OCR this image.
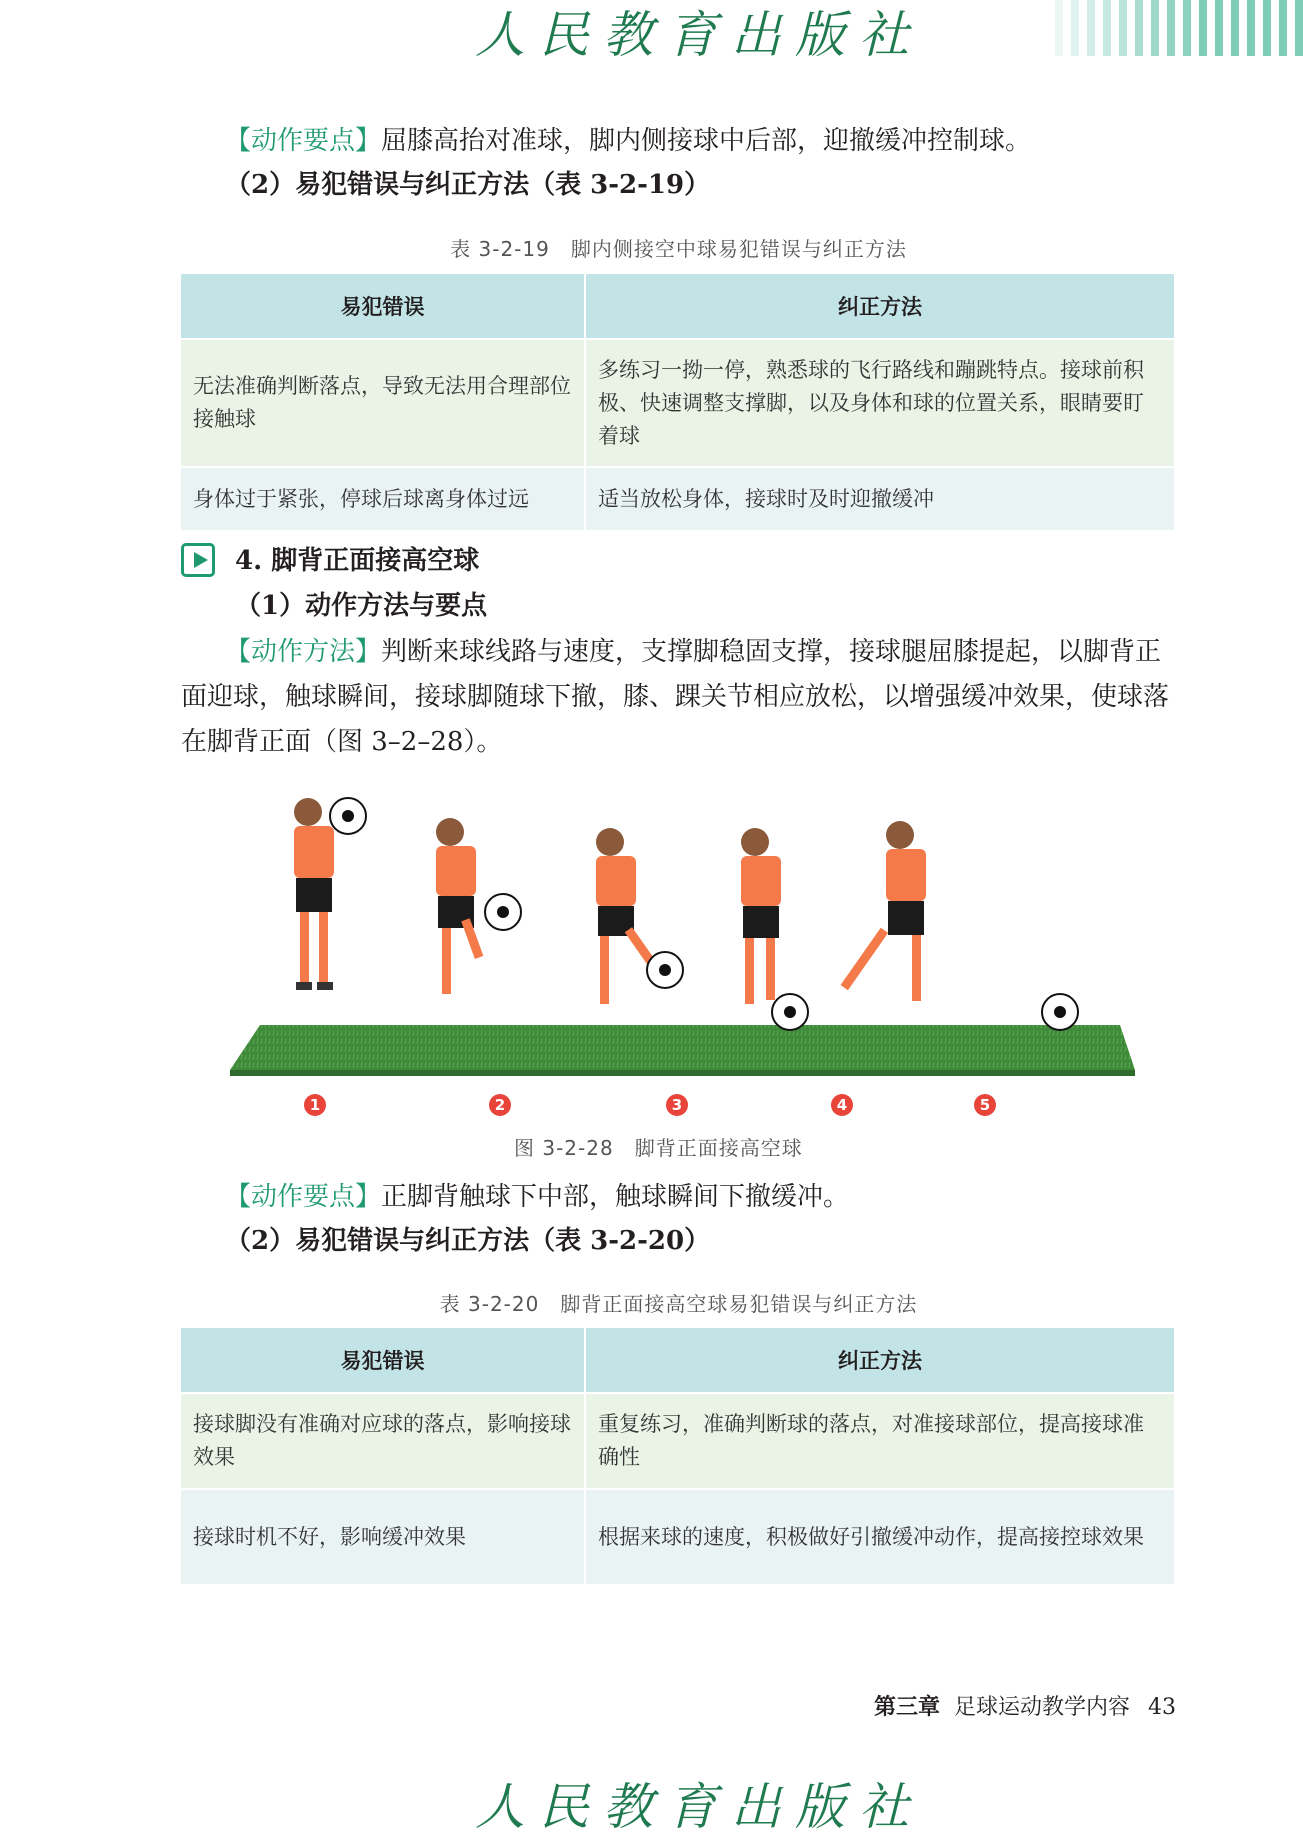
人民教育出版社
【动作要点】屈膝高抬对准球，脚内侧接球中后部，迎撤缓冲控制球。
（2）易犯错误与纠正方法（表 3-2-19）
表 3-2-19　脚内侧接空中球易犯错误与纠正方法
易犯错误	纠正方法
无法准确判断落点，导致无法用合理部位接触球	多练习一拗一停，熟悉球的飞行路线和蹦跳特点。接球前积极、快速调整支撑脚，以及身体和球的位置关系，眼睛要盯着球
身体过于紧张，停球后球离身体过远	适当放松身体，接球时及时迎撤缓冲
4. 脚背正面接高空球
（1）动作方法与要点
【动作方法】判断来球线路与速度，支撑脚稳固支撑，接球腿屈膝提起，以脚背正面迎球，触球瞬间，接球脚随球下撤，膝、踝关节相应放松，以增强缓冲效果，使球落在脚背正面（图 3–2–28）。
1	2	3	4	5
图 3-2-28　脚背正面接高空球
【动作要点】正脚背触球下中部，触球瞬间下撤缓冲。
（2）易犯错误与纠正方法（表 3-2-20）
表 3-2-20　脚背正面接高空球易犯错误与纠正方法
易犯错误	纠正方法
接球脚没有准确对应球的落点，影响接球效果	重复练习，准确判断球的落点，对准接球部位，提高接球准确性
接球时机不好，影响缓冲效果	根据来球的速度，积极做好引撤缓冲动作，提高接控球效果
第三章 足球运动教学内容 43
人民教育出版社
